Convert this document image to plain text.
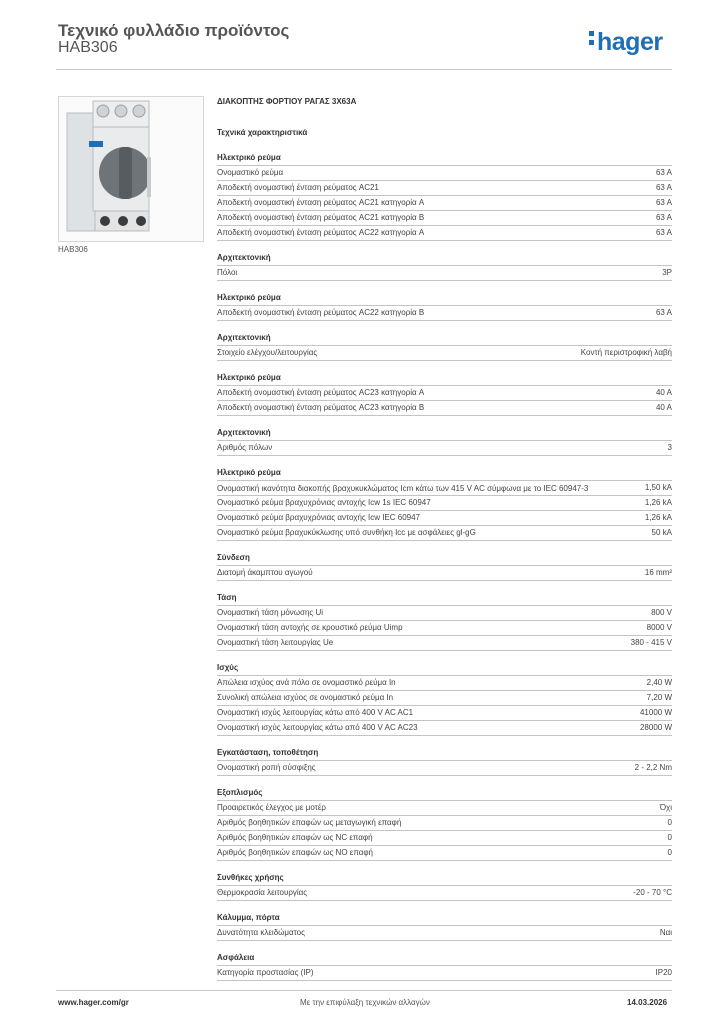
Τεχνικό φυλλάδιο προϊόντος
HAB306	hager
HAB306
ΔΙΑΚΟΠΤΗΣ ΦΟΡΤΙΟΥ ΡΑΓΑΣ 3X63A
Τεχνικά χαρακτηριστικά
Ηλεκτρικό ρεύμα
Ονομαστικό ρεύμα	63 A
Αποδεκτή ονομαστική ένταση ρεύματος AC21	63 A
Αποδεκτή ονομαστική ένταση ρεύματος AC21 κατηγορία A	63 A
Αποδεκτή ονομαστική ένταση ρεύματος AC21 κατηγορία B	63 A
Αποδεκτή ονομαστική ένταση ρεύματος AC22 κατηγορία A	63 A
Αρχιτεκτονική
Πόλοι	3P
Ηλεκτρικό ρεύμα
Αποδεκτή ονομαστική ένταση ρεύματος AC22 κατηγορία B	63 A
Αρχιτεκτονική
Στοιχείο ελέγχου/λειτουργίας	Κοντή περιστροφική λαβή
Ηλεκτρικό ρεύμα
Αποδεκτή ονομαστική ένταση ρεύματος AC23 κατηγορία A	40 A
Αποδεκτή ονομαστική ένταση ρεύματος AC23 κατηγορία B	40 A
Αρχιτεκτονική
Αριθμός πόλων	3
Ηλεκτρικό ρεύμα
Ονομαστική ικανότητα διακοπής βραχυκυκλώματος Icm κάτω των 415 V AC σύμφωνα με το IEC 60947-3	1,50 kA
Ονομαστικό ρεύμα βραχυχρόνιας αντοχής Icw 1s IEC 60947	1,26 kA
Ονομαστικό ρεύμα βραχυχρόνιας αντοχής Icw IEC 60947	1,26 kA
Ονομαστικό ρεύμα βραχυκύκλωσης υπό συνθήκη Icc με ασφάλειες gl-gG	50 kA
Σύνδεση
Διατομή άκαμπτου αγωγού	16 mm²
Τάση
Ονομαστική τάση μόνωσης Ui	800 V
Ονομαστική τάση αντοχής σε κρουστικό ρεύμα Uimp	8000 V
Ονομαστική τάση λειτουργίας Ue	380 - 415 V
Ισχύς
Απώλεια ισχύος ανά πόλο σε ονομαστικό ρεύμα In	2,40 W
Συνολική απώλεια ισχύος σε ονομαστικό ρεύμα In	7,20 W
Ονομαστική ισχύς λειτουργίας κάτω από 400 V AC AC1	41000 W
Ονομαστική ισχύς λειτουργίας κάτω από 400 V AC AC23	28000 W
Εγκατάσταση, τοποθέτηση
Ονομαστική ροπή σύσφιξης	2 - 2,2 Nm
Εξοπλισμός
Προαιρετικός έλεγχος με μοτέρ	Όχι
Αριθμός βοηθητικών επαφών ως μεταγωγική επαφή	0
Αριθμός βοηθητικών επαφών ως NC επαφή	0
Αριθμός βοηθητικών επαφών ως NO επαφή	0
Συνθήκες χρήσης
Θερμοκρασία λειτουργίας	-20 - 70 °C
Κάλυμμα, πόρτα
Δυνατότητα κλειδώματος	Ναι
Ασφάλεια
Κατηγορία προστασίας (IP)	IP20
www.hager.com/gr	Με την επιφύλαξη τεχνικών αλλαγών	14.03.2026
